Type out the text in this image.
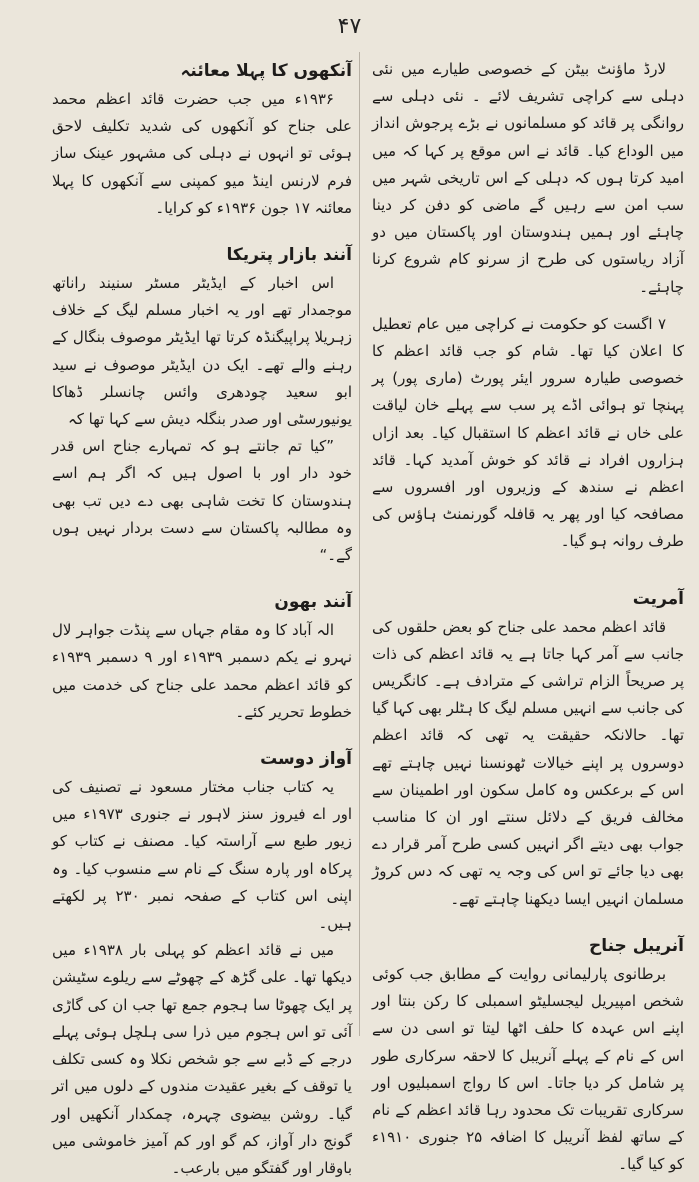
۴۷

لارڈ ماؤنٹ بیٹن کے خصوصی طیارے میں نئی دہلی سے کراچی تشریف لائے ۔ نئی دہلی سے روانگی پر قائد کو مسلمانوں نے بڑے پرجوش انداز میں الوداع کیا۔ قائد نے اس موقع پر کہا کہ میں امید کرتا ہوں کہ دہلی کے اس تاریخی شہر میں سب امن سے رہیں گے ماضی کو دفن کر دینا چاہئے اور ہمیں ہندوستان اور پاکستان میں دو آزاد ریاستوں کی طرح از سرنو کام شروع کرنا چاہئے۔

۷ اگست کو حکومت نے کراچی میں عام تعطیل کا اعلان کیا تھا۔ شام کو جب قائد اعظم کا خصوصی طیارہ سرور ایئر پورٹ (ماری پور) پر پہنچا تو ہوائی اڈے پر سب سے پہلے خان لیاقت علی خاں نے قائد اعظم کا استقبال کیا۔ بعد ازاں ہزاروں افراد نے قائد کو خوش آمدید کہا۔ قائد اعظم نے سندھ کے وزیروں اور افسروں سے مصافحہ کیا اور پھر یہ قافلہ گورنمنٹ ہاؤس کی طرف روانہ ہو گیا۔

آمریت

قائد اعظم محمد علی جناح کو بعض حلقوں کی جانب سے آمر کہا جاتا ہے یہ قائد اعظم کی ذات پر صریحاً الزام تراشی کے مترادف ہے۔ کانگریس کی جانب سے انہیں مسلم لیگ کا ہٹلر بھی کہا گیا تھا۔ حالانکہ حقیقت یہ تھی کہ قائد اعظم دوسروں پر اپنے خیالات ٹھونسنا نہیں چاہتے تھے اس کے برعکس وہ کامل سکون اور اطمینان سے مخالف فریق کے دلائل سنتے اور ان کا مناسب جواب بھی دیتے اگر انہیں کسی طرح آمر قرار دے بھی دیا جائے تو اس کی وجہ یہ تھی کہ دس کروڑ مسلمان انہیں ایسا دیکھنا چاہتے تھے۔

آنریبل جناح

برطانوی پارلیمانی روایت کے مطابق جب کوئی شخص امپیریل لیجسلیٹو اسمبلی کا رکن بنتا اور اپنے اس عہدہ کا حلف اٹھا لیتا تو اسی دن سے اس کے نام کے پہلے آنریبل کا لاحقہ سرکاری طور پر شامل کر دیا جاتا۔ اس کا رواج اسمبلیوں اور سرکاری تقریبات تک محدود رہا قائد اعظم کے نام کے ساتھ لفظ آنریبل کا اضافہ ۲۵ جنوری ۱۹۱۰ء کو کیا گیا۔

آنکھوں کا پہلا معائنہ

۱۹۳۶ء میں جب حضرت قائد اعظم محمد علی جناح کو آنکھوں کی شدید تکلیف لاحق ہوئی تو انہوں نے دہلی کی مشہور عینک ساز فرم لارنس اینڈ میو کمپنی سے آنکھوں کا پہلا معائنہ ۱۷ جون ۱۹۳۶ء کو کرایا۔

آنند بازار پتریکا

اس اخبار کے ایڈیٹر مسٹر سنیند راناتھ موجمدار تھے اور یہ اخبار مسلم لیگ کے خلاف زہریلا پراپیگنڈہ کرتا تھا ایڈیٹر موصوف بنگال کے رہنے والے تھے۔ ایک دن ایڈیٹر موصوف نے سید ابو سعید چودھری وائس چانسلر ڈھاکا یونیورسٹی اور صدر بنگلہ دیش سے کہا تھا کہ

”کیا تم جانتے ہو کہ تمہارے جناح اس قدر خود دار اور با اصول ہیں کہ اگر ہم اسے ہندوستان کا تخت شاہی بھی دے دیں تب بھی وہ مطالبہ پاکستان سے دست بردار نہیں ہوں گے۔“

آنند بھون

الہ آباد کا وہ مقام جہاں سے پنڈت جواہر لال نہرو نے یکم دسمبر ۱۹۳۹ء اور ۹ دسمبر ۱۹۳۹ء کو قائد اعظم محمد علی جناح کی خدمت میں خطوط تحریر کئے۔

آواز دوست

یہ کتاب جناب مختار مسعود نے تصنیف کی اور اے فیروز سنز لاہور نے جنوری ۱۹۷۳ء میں زیور طبع سے آراستہ کیا۔ مصنف نے کتاب کو پرکاہ اور پارہ سنگ کے نام سے منسوب کیا۔ وہ اپنی اس کتاب کے صفحہ نمبر ۲۳۰ پر لکھتے ہیں۔

میں نے قائد اعظم کو پہلی بار ۱۹۳۸ء میں دیکھا تھا۔ علی گڑھ کے چھوٹے سے ریلوے سٹیشن پر ایک چھوٹا سا ہجوم جمع تھا جب ان کی گاڑی آئی تو اس ہجوم میں ذرا سی ہلچل ہوئی پہلے درجے کے ڈبے سے جو شخص نکلا وہ کسی تکلف یا توقف کے بغیر عقیدت مندوں کے دلوں میں اتر گیا۔ روشن بیضوی چہرہ، چمکدار آنکھیں اور گونج دار آواز، کم گو اور کم آمیز خاموشی میں باوقار اور گفتگو میں بارعب۔
